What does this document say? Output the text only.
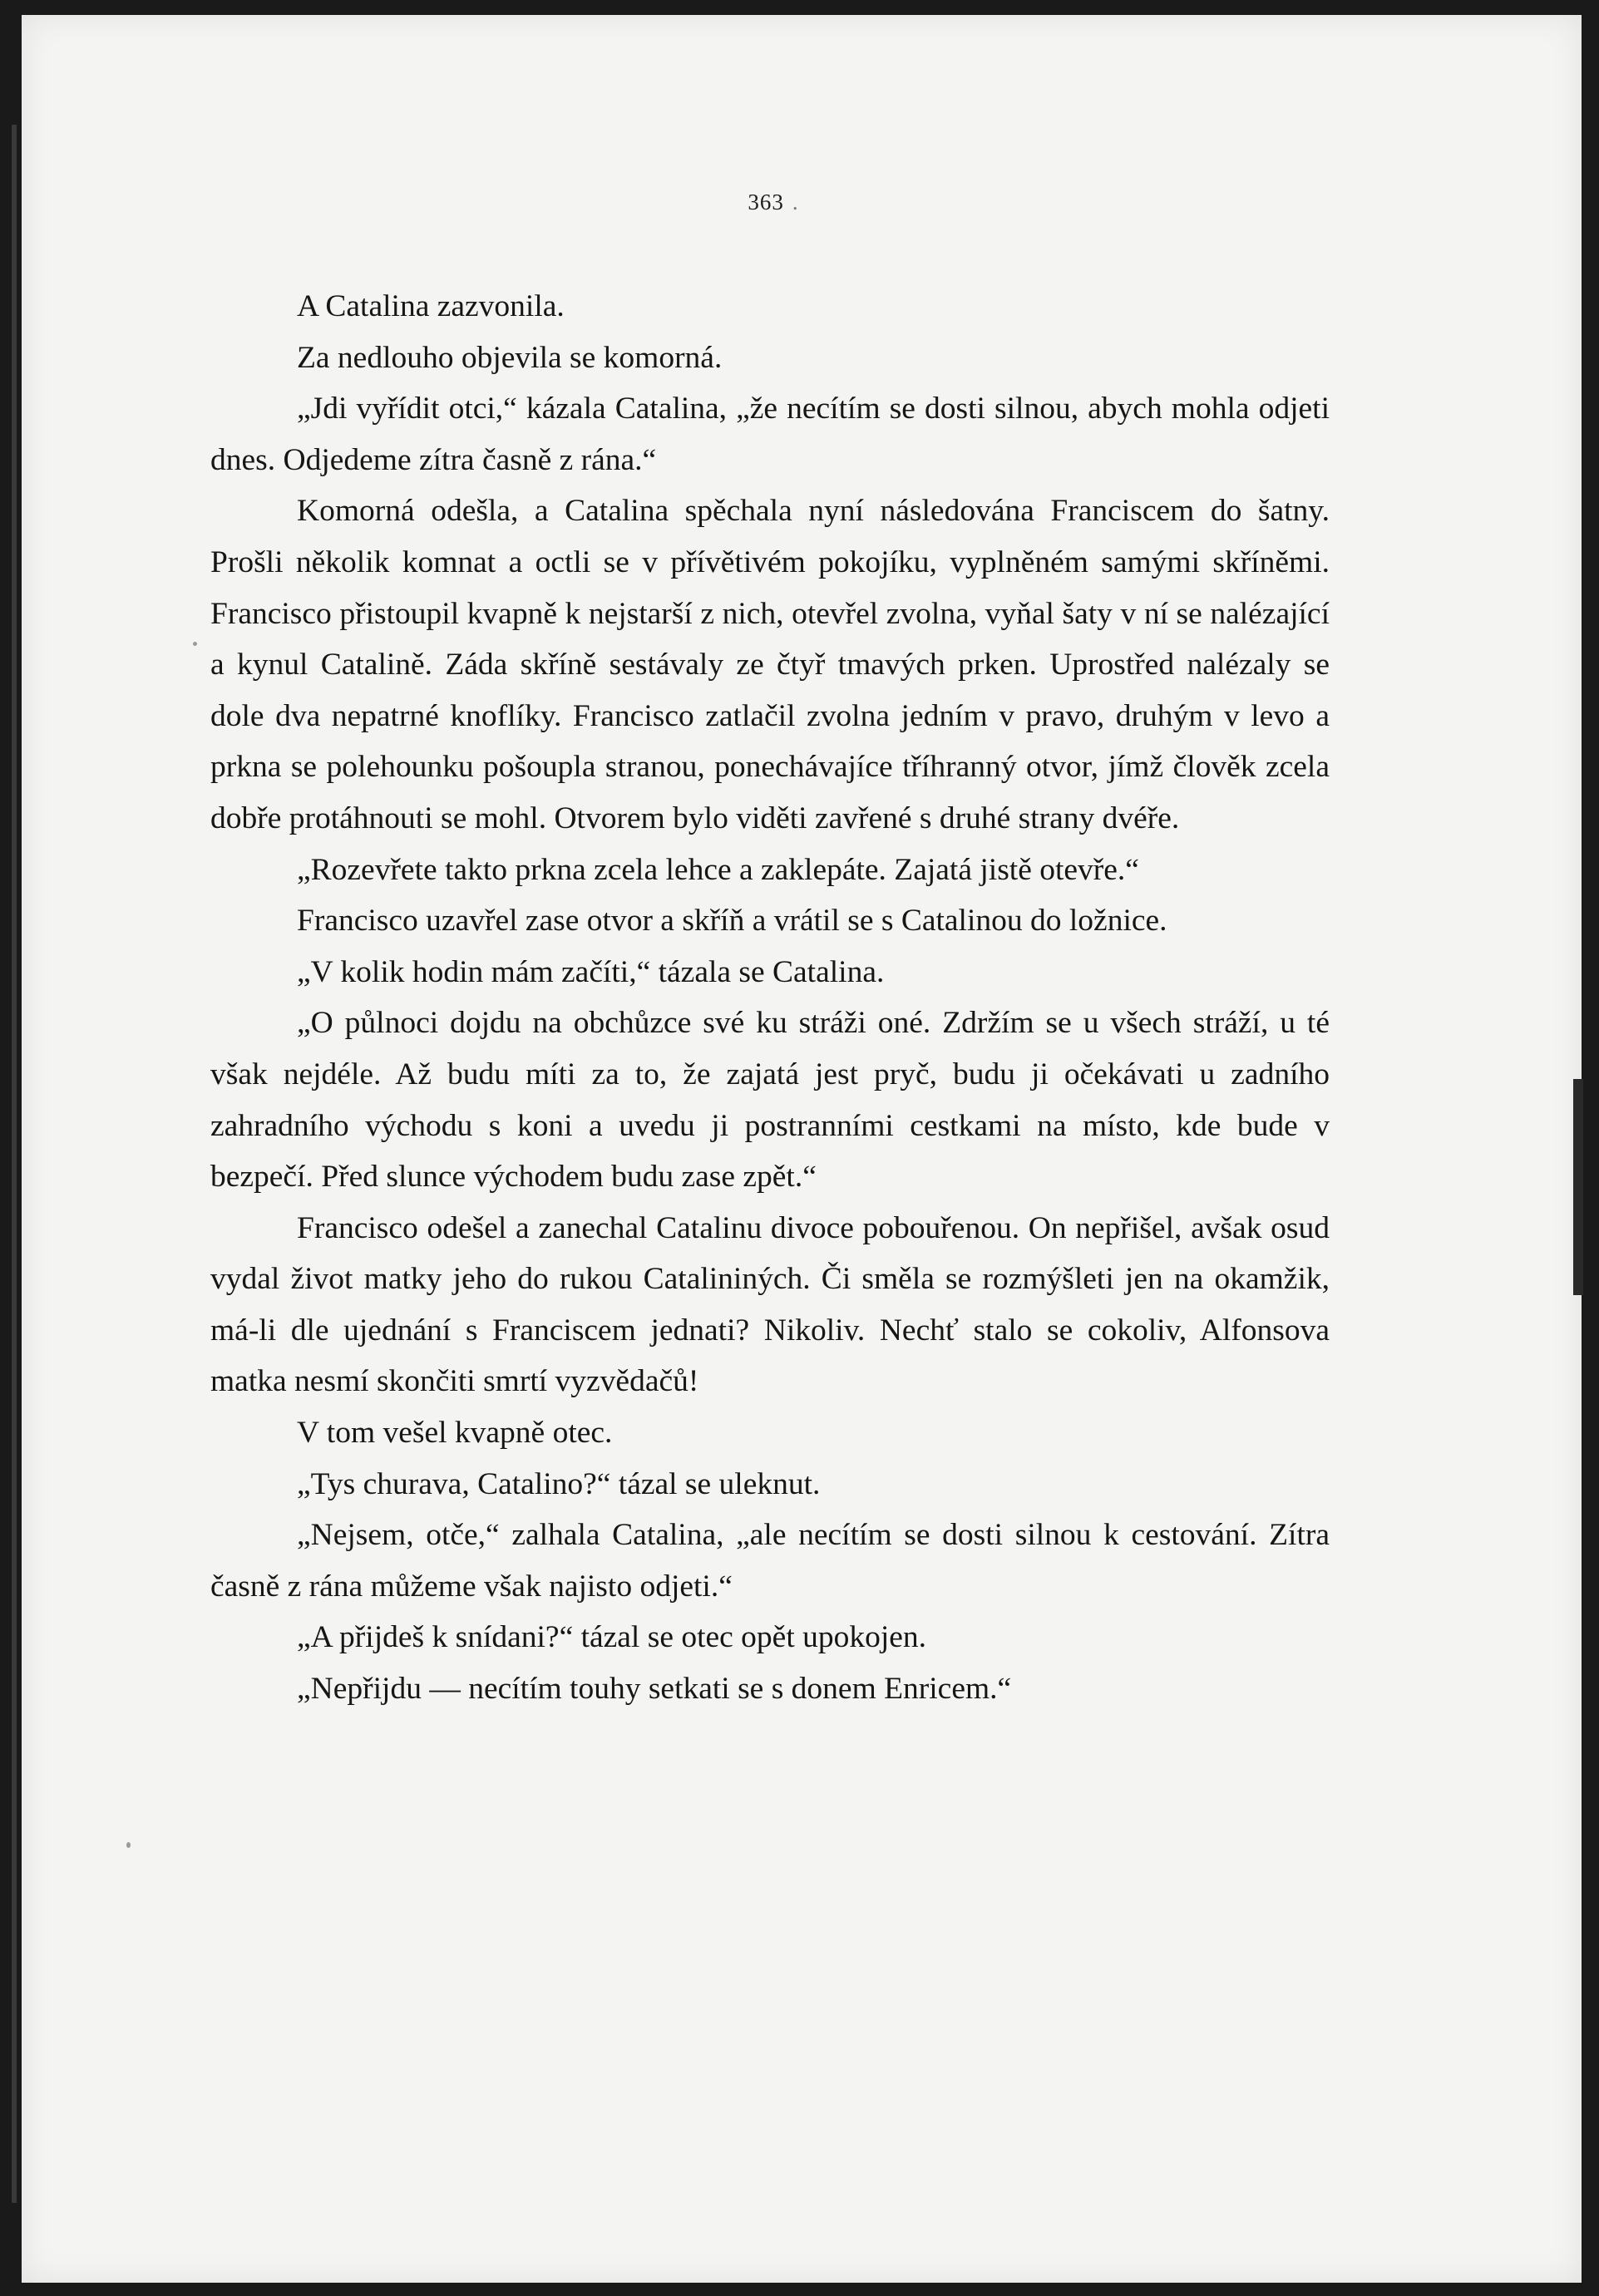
363 .

A Catalina zazvonila.

Za nedlouho objevila se komorná.

„Jdi vyřídit otci,“ kázala Catalina, „že necítím se dosti silnou, abych mohla odjeti dnes. Odjedeme zítra časně z rána.“

Komorná odešla, a Catalina spěchala nyní následována Franciscem do šatny. Prošli několik komnat a octli se v přívětivém pokojíku, vyplněném samými skříněmi. Francisco přistoupil kvapně k nejstarší z nich, otevřel zvolna, vyňal šaty v ní se nalézající a kynul Catalině. Záda skříně sestávaly ze čtyř tmavých prken. Uprostřed nalézaly se dole dva nepatrné knoflíky. Francisco zatlačil zvolna jedním v pravo, druhým v levo a prkna se polehounku pošoupla stranou, ponechávajíce tříhranný otvor, jímž člověk zcela dobře protáhnouti se mohl. Otvorem bylo viděti zavřené s druhé strany dvéře.

„Rozevřete takto prkna zcela lehce a zaklepáte. Zajatá jistě otevře.“

Francisco uzavřel zase otvor a skříň a vrátil se s Catalinou do ložnice.

„V kolik hodin mám začíti,“ tázala se Catalina.

„O půlnoci dojdu na obchůzce své ku stráži oné. Zdržím se u všech stráží, u té však nejdéle. Až budu míti za to, že zajatá jest pryč, budu ji očekávati u zadního zahradního východu s koni a uvedu ji postranními cestkami na místo, kde bude v bezpečí. Před slunce východem budu zase zpět.“

Francisco odešel a zanechal Catalinu divoce pobouřenou. On nepřišel, avšak osud vydal život matky jeho do rukou Catalininých. Či směla se rozmýšleti jen na okamžik, má-li dle ujednání s Franciscem jednati? Nikoliv. Nechť stalo se cokoliv, Alfonsova matka nesmí skončiti smrtí vyzvědačů!

V tom vešel kvapně otec.

„Tys churava, Catalino?“ tázal se uleknut.

„Nejsem, otče,“ zalhala Catalina, „ale necítím se dosti silnou k cestování. Zítra časně z rána můžeme však najisto odjeti.“

„A přijdeš k snídani?“ tázal se otec opět upokojen.

„Nepřijdu — necítím touhy setkati se s donem Enricem.“
